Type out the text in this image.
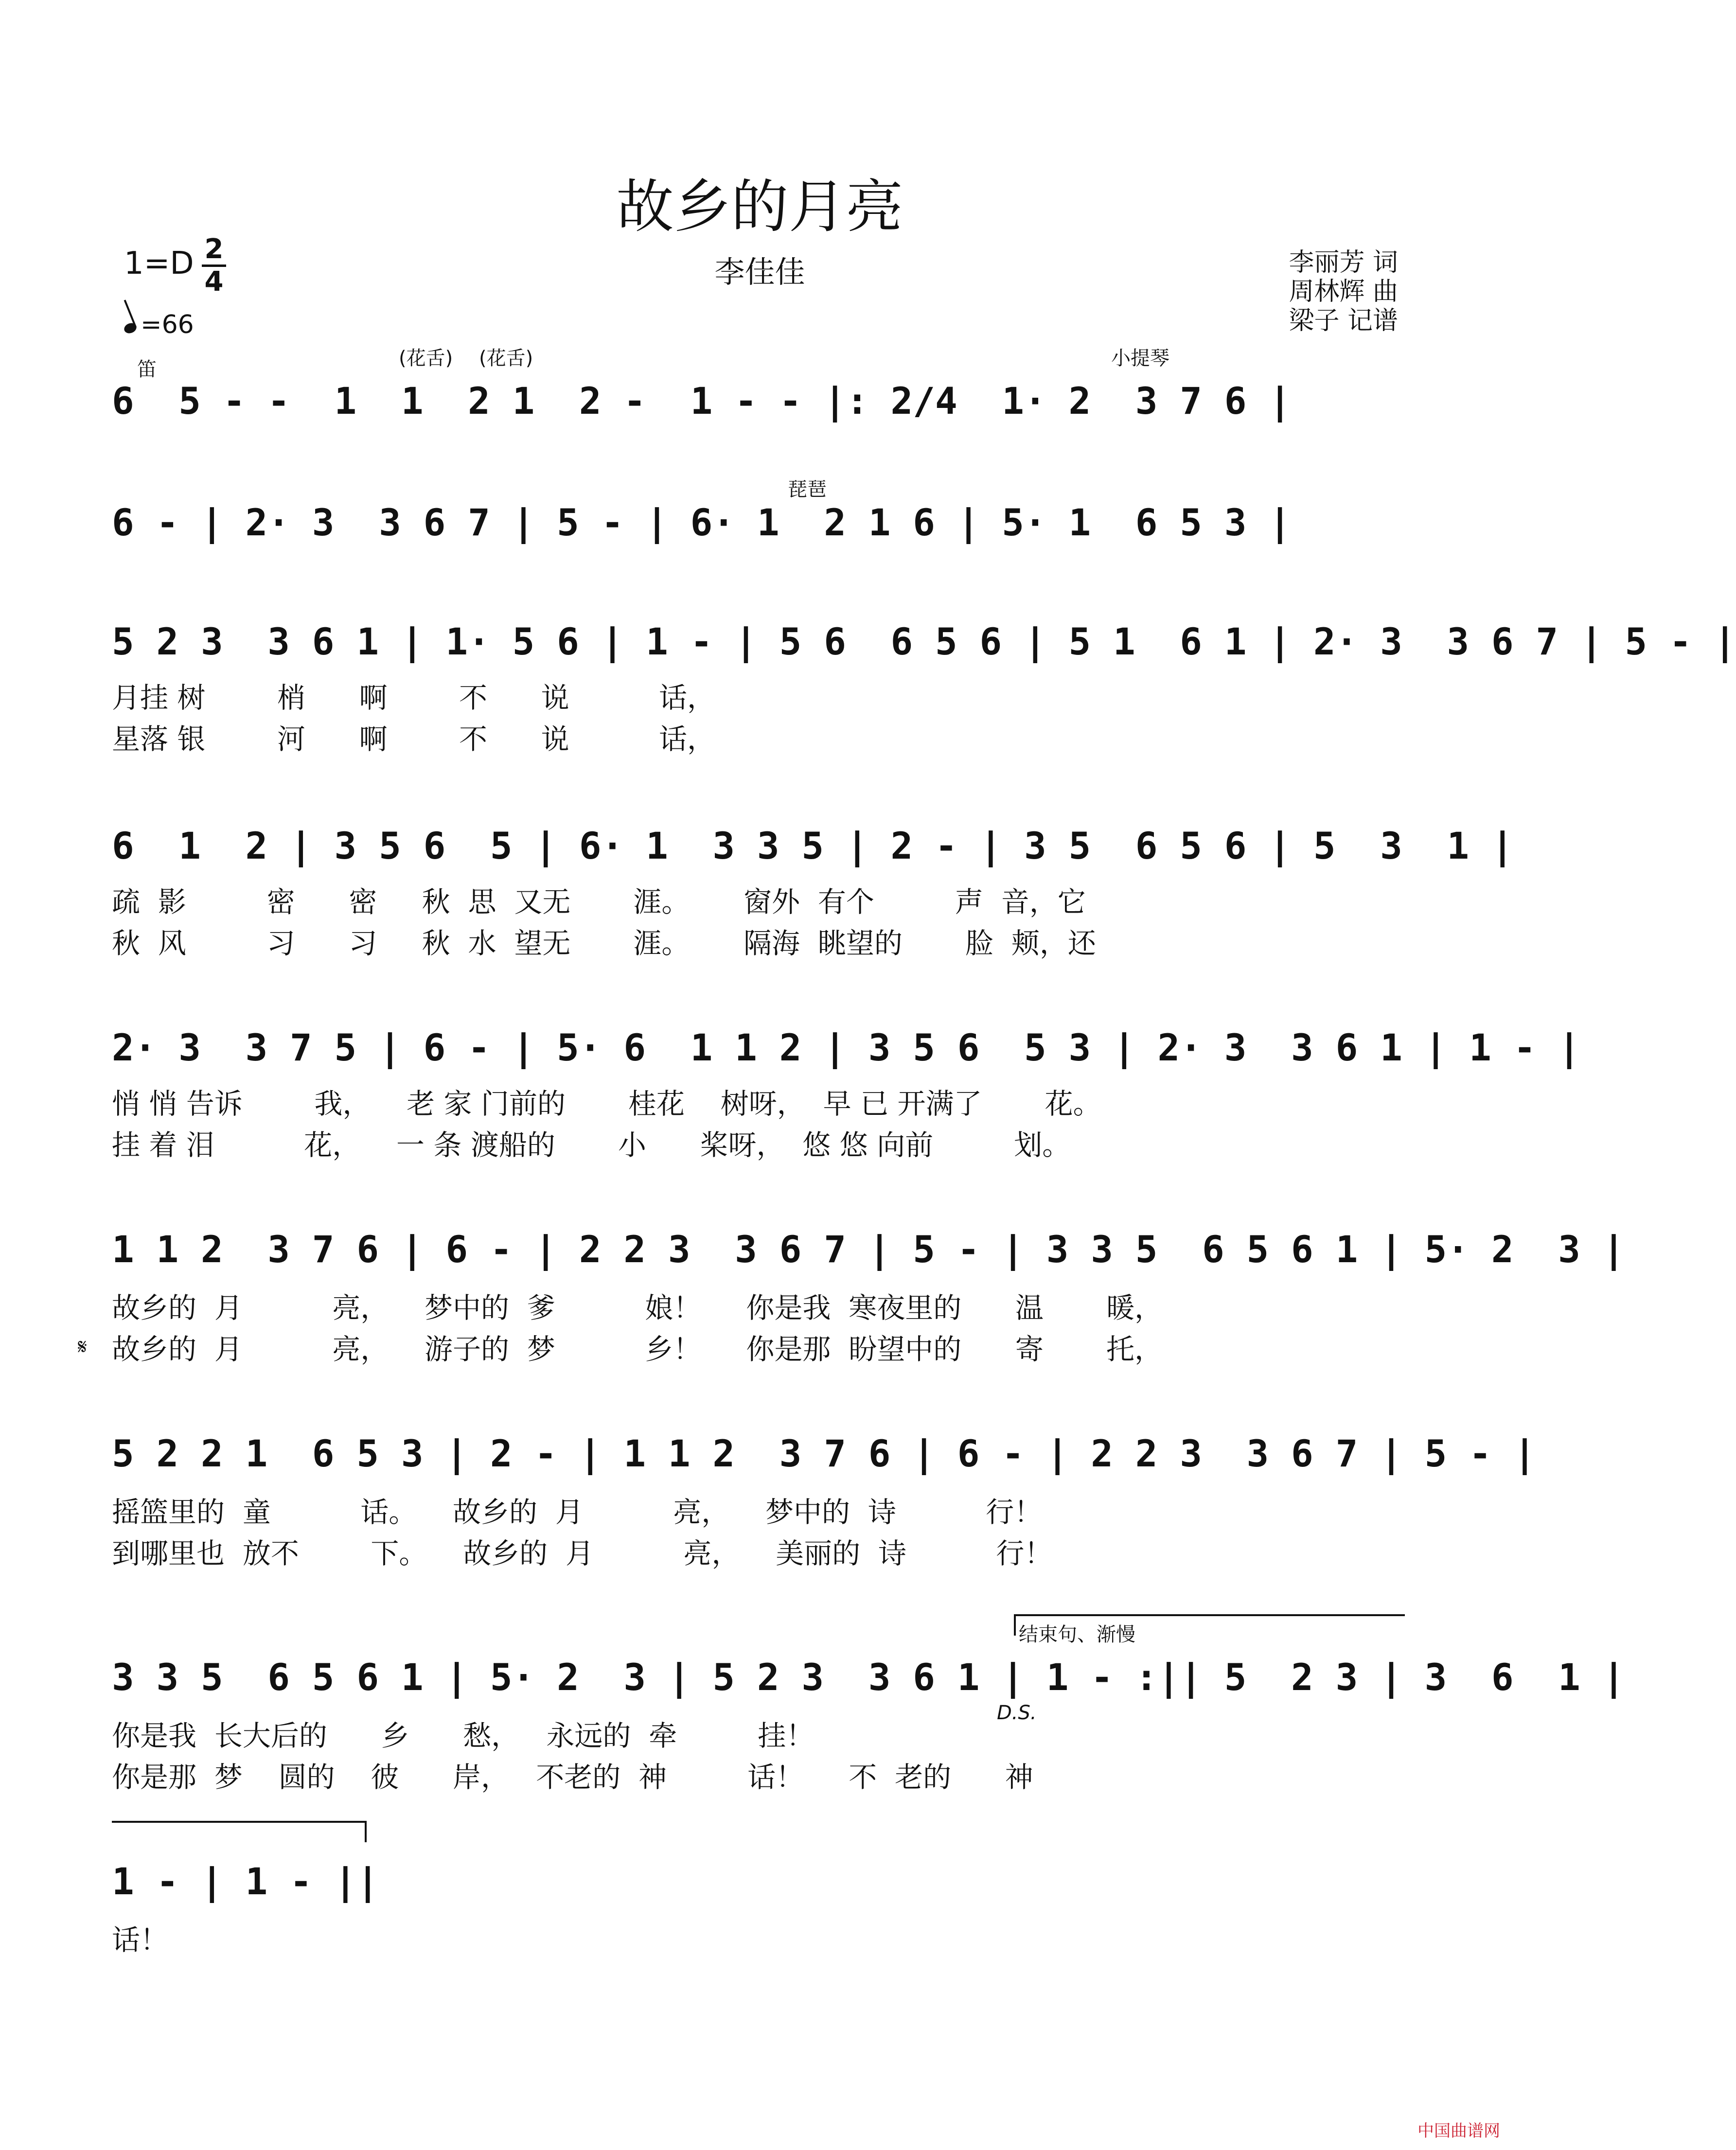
故乡的月亮
李佳佳	李丽芳 词
周林辉 曲
梁子 记谱
$1=D \frac{2}{4}$
=66
笛	(花舌) (花舌)	小提琴
琵琶
6  5 - -  1  1  2 1  2 -  1 - - |: 2/4  1· 2  3 7 6 |
6 - | 2· 3  3 6 7 | 5 - | 6· 1  2 1 6 | 5· 1  6 5 3 |
5 2 3  3 6 1 | 1· 5 6 | 1 - | 5 6  6 5 6 | 5 1  6 1 | 2· 3  3 6 7 | 5 - |
月挂 树        梢      啊        不      说          话，
星落 银        河      啊        不      说          话，
6  1  2 | 3 5 6  5 | 6· 1  3 3 5 | 2 - | 3 5  6 5 6 | 5  3  1 |
疏  影         密      密     秋  思  又无       涯。      窗外  有个         声  音，它
秋  风         习      习     秋  水  望无       涯。      隔海  眺望的       脸  颊，还
2· 3  3 7 5 | 6 - | 5· 6  1 1 2 | 3 5 6  5 3 | 2· 3  3 6 1 | 1 - |
悄 悄 告诉        我，    老 家 门前的       桂花    树呀，  早 已 开满了       花。
挂 着 泪          花，    一 条 渡船的       小      桨呀，  悠 悠 向前         划。
1 1 2  3 7 6 | 6 - | 2 2 3  3 6 7 | 5 - | 3 3 5  6 5 6 1 | 5· 2  3 |
故乡的  月          亮，    梦中的  爹          娘！     你是我  寒夜里的      温       暖，
𝄋 故乡的  月          亮，    游子的  梦          乡！     你是那  盼望中的      寄       托，
5 2 2 1  6 5 3 | 2 - | 1 1 2  3 7 6 | 6 - | 2 2 3  3 6 7 | 5 - |
摇篮里的  童          话。    故乡的  月          亮，    梦中的  诗          行！
到哪里也  放不        下。    故乡的  月          亮，    美丽的  诗          行！
结束句、渐慢
3 3 5  6 5 6 1 | 5· 2  3 | 5 2 3  3 6 1 | 1 - :|| 5  2 3 | 3  6  1 |
D.S.
你是我  长大后的      乡      愁，   永远的  牵         挂！
你是那  梦    圆的    彼      岸，   不老的  神         话！     不  老的      神
1 - | 1 - ||
话！
中国曲谱网
